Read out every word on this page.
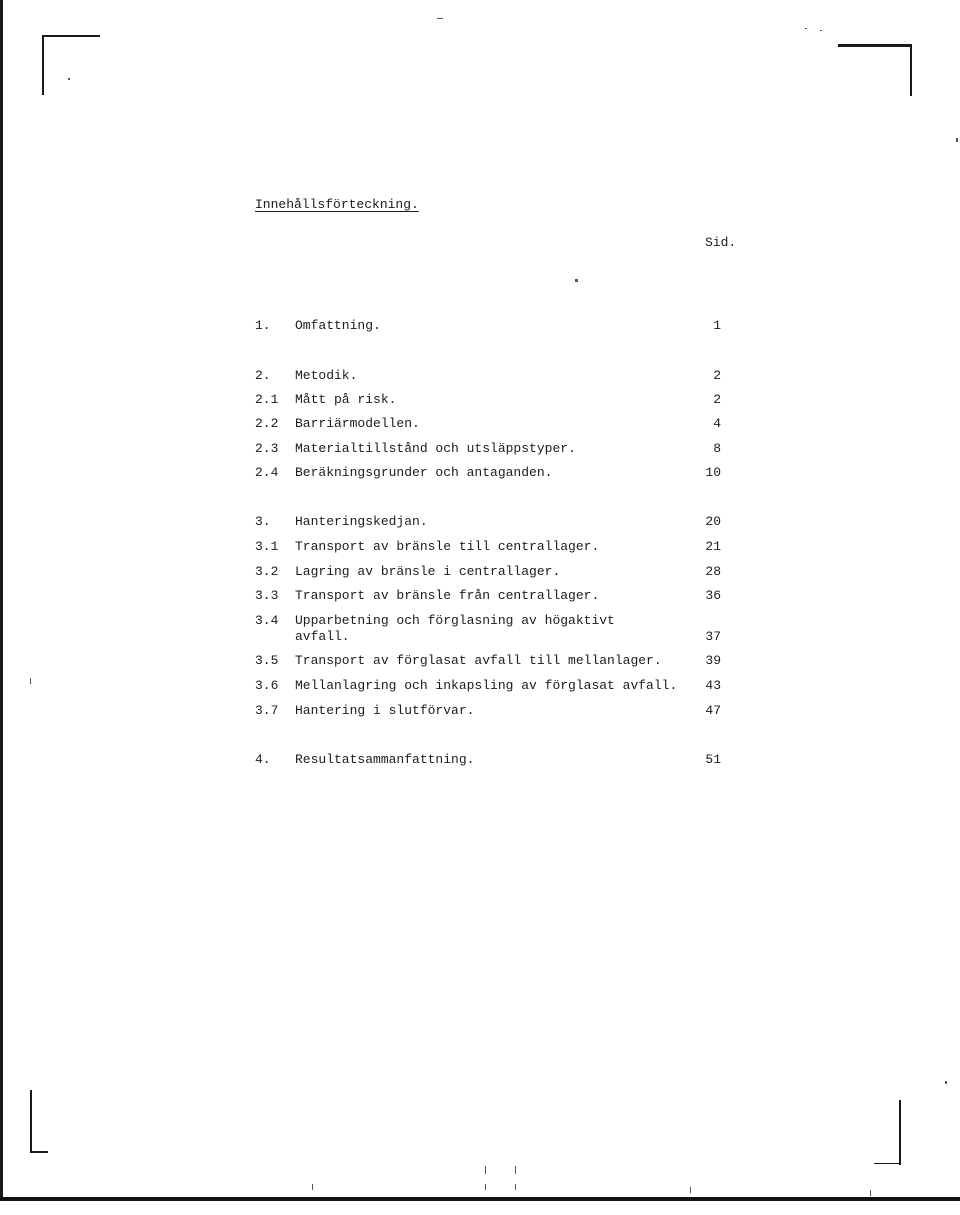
Innehållsförteckning.
Sid.
1. Omfattning.	1
2. Metodik.	2
2.1 Mått på risk.	2
2.2 Barriärmodellen.	4
2.3 Materialtillstånd och utsläppstyper.	8
2.4 Beräkningsgrunder och antaganden.	10
3. Hanteringskedjan.	20
3.1 Transport av bränsle till centrallager.	21
3.2 Lagring av bränsle i centrallager.	28
3.3 Transport av bränsle från centrallager.	36
3.4 Upparbetning och förglasning av högaktivt
avfall.	37
3.5 Transport av förglasat avfall till mellanlager.	39
3.6 Mellanlagring och inkapsling av förglasat avfall. 43
3.7 Hantering i slutförvar.	47
4. Resultatsammanfattning.	51
